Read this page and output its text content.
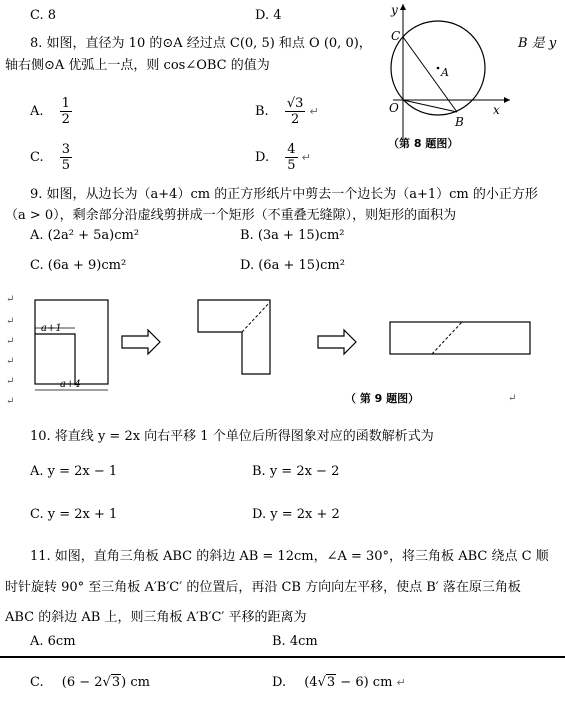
​
C. 8	D. 4
8. 如图，直径为 10 的⊙A 经过点 C(0, 5) 和点 O (0, 0)，	B 是 y
轴右侧⊙A 优弧上一点，则 cos∠OBC 的值为
A. $\frac{1}{2}$	B. $\frac{√3}{2}$ ↵
C. $\frac{3}{5}$	D. $\frac{4}{5}$ ↵
y
x
C
A
O
B
（第 8 题图）
9. 如图，从边长为（a+4）cm 的正方形纸片中剪去一个边长为（a+1）cm 的小正方形
（a > 0），剩余部分沿虚线剪拼成一个矩形（不重叠无缝隙），则矩形的面积为
A. (2a² + 5a)cm²	B. (3a + 15)cm²
C. (6a + 9)cm²	D. (6a + 15)cm²
↵
↵
↵
↵
↵
↵
a+1
a+4
↵
（ 第 9 题图）
10. 将直线 y = 2x 向右平移 1 个单位后所得图象对应的函数解析式为
A. y = 2x − 1	B. y = 2x − 2
C. y = 2x + 1	D. y = 2x + 2
11. 如图，直角三角板 ABC 的斜边 AB = 12cm，∠A = 30°，将三角板 ABC 绕点 C 顺
时针旋转 90° 至三角板 A′B′C′ 的位置后，再沿 CB 方向向左平移，使点 B′ 落在原三角板
ABC 的斜边 AB 上，则三角板 A′B′C′ 平移的距离为
A. 6cm	B. 4cm
C. (6 − 2√3) cm	D. (4√3 − 6) cm ↵
